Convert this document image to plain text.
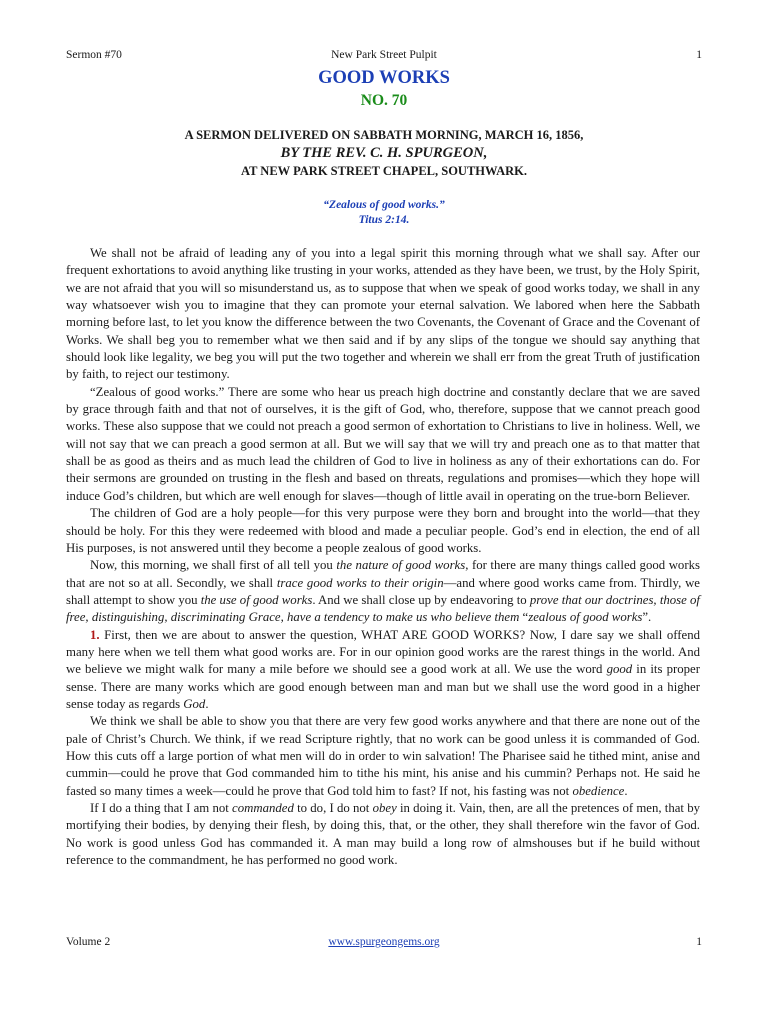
Sermon #70	New Park Street Pulpit	1
GOOD WORKS
NO. 70
A SERMON DELIVERED ON SABBATH MORNING, MARCH 16, 1856,
BY THE REV. C. H. SPURGEON,
AT NEW PARK STREET CHAPEL, SOUTHWARK.
“Zealous of good works.”
Titus 2:14.

We shall not be afraid of leading any of you into a legal spirit this morning through what we shall say. After our frequent exhortations to avoid anything like trusting in your works, attended as they have been, we trust, by the Holy Spirit, we are not afraid that you will so misunderstand us, as to suppose that when we speak of good works today, we shall in any way whatsoever wish you to imagine that they can promote your eternal salvation. We labored when here the Sabbath morning before last, to let you know the difference between the two Covenants, the Covenant of Grace and the Covenant of Works. We shall beg you to remember what we then said and if by any slips of the tongue we should say anything that should look like legality, we beg you will put the two together and wherein we shall err from the great Truth of justification by faith, to reject our testimony.

“Zealous of good works.” There are some who hear us preach high doctrine and constantly declare that we are saved by grace through faith and that not of ourselves, it is the gift of God, who, therefore, suppose that we cannot preach good works. These also suppose that we could not preach a good sermon of exhortation to Christians to live in holiness. Well, we will not say that we can preach a good sermon at all. But we will say that we will try and preach one as to that matter that shall be as good as theirs and as much lead the children of God to live in holiness as any of their exhortations can do. For their sermons are grounded on trusting in the flesh and based on threats, regulations and promises—which they hope will induce God’s children, but which are well enough for slaves—though of little avail in operating on the true-born Believer.

The children of God are a holy people—for this very purpose were they born and brought into the world—that they should be holy. For this they were redeemed with blood and made a peculiar people. God’s end in election, the end of all His purposes, is not answered until they become a people zealous of good works.

Now, this morning, we shall first of all tell you the nature of good works, for there are many things called good works that are not so at all. Secondly, we shall trace good works to their origin—and where good works came from. Thirdly, we shall attempt to show you the use of good works. And we shall close up by endeavoring to prove that our doctrines, those of free, distinguishing, discriminating Grace, have a tendency to make us who believe them “zealous of good works”.

1. First, then we are about to answer the question, WHAT ARE GOOD WORKS? Now, I dare say we shall offend many here when we tell them what good works are. For in our opinion good works are the rarest things in the world. And we believe we might walk for many a mile before we should see a good work at all. We use the word good in its proper sense. There are many works which are good enough between man and man but we shall use the word good in a higher sense today as regards God.

We think we shall be able to show you that there are very few good works anywhere and that there are none out of the pale of Christ’s Church. We think, if we read Scripture rightly, that no work can be good unless it is commanded of God. How this cuts off a large portion of what men will do in order to win salvation! The Pharisee said he tithed mint, anise and cummin—could he prove that God commanded him to tithe his mint, his anise and his cummin? Perhaps not. He said he fasted so many times a week—could he prove that God told him to fast? If not, his fasting was not obedience.

If I do a thing that I am not commanded to do, I do not obey in doing it. Vain, then, are all the pretences of men, that by mortifying their bodies, by denying their flesh, by doing this, that, or the other, they shall therefore win the favor of God. No work is good unless God has commanded it. A man may build a long row of almshouses but if he build without reference to the commandment, he has performed no good work.

Volume 2	www.spurgeongems.org	1
